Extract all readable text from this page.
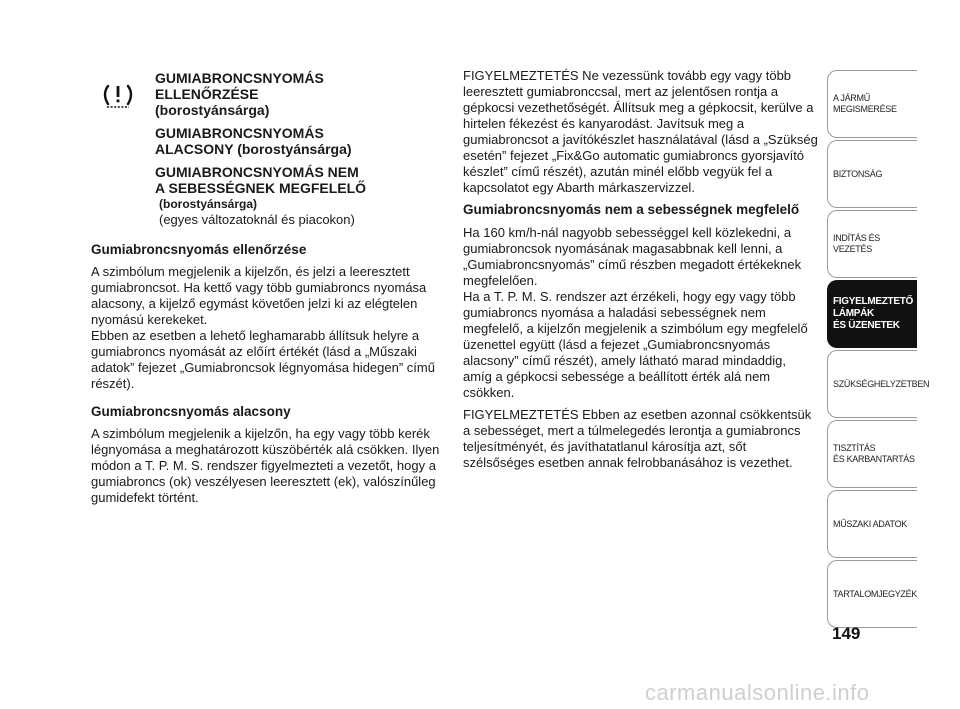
GUMIABRONCSNYOMÁS

ELLENŐRZÉSE

(borostyánsárga)

GUMIABRONCSNYOMÁS

ALACSONY (borostyánsárga)

GUMIABRONCSNYOMÁS NEM

A SEBESSÉGNEK MEGFELELŐ

(borostyánsárga)

(egyes változatoknál és piacokon)

Gumiabroncsnyomás ellenőrzése

A szimbólum megjelenik a kijelzőn, és jelzi a leeresztett gumiabroncsot. Ha kettő vagy több gumiabroncs nyomása alacsony, a kijelző egymást követően jelzi ki az elégtelen nyomású kerekeket.

Ebben az esetben a lehető leghamarabb állítsuk helyre a gumiabroncs nyomását az előírt értékét (lásd a „Műszaki adatok” fejezet „Gumiabroncsok légnyomása hidegen” című részét).

Gumiabroncsnyomás alacsony

A szimbólum megjelenik a kijelzőn, ha egy vagy több kerék légnyomása a meghatározott küszöbérték alá csökken. Ilyen módon a T. P. M. S. rendszer figyelmezteti a vezetőt, hogy a gumiabroncs (ok) veszélyesen leeresztett (ek), valószínűleg gumidefekt történt.

FIGYELMEZTETÉS Ne vezessünk tovább egy vagy több leeresztett gumiabronccsal, mert az jelentősen rontja a gépkocsi vezethetőségét. Állítsuk meg a gépkocsit, kerülve a hirtelen fékezést és kanyarodást. Javítsuk meg a gumiabroncsot a javítókészlet használatával (lásd a „Szükség esetén” fejezet „Fix&Go automatic gumiabroncs gyorsjavító készlet” című részét), azután minél előbb vegyük fel a kapcsolatot egy Abarth márkaszervizzel.

Gumiabroncsnyomás nem a sebességnek megfelelő

Ha 160 km/h-nál nagyobb sebességgel kell közlekedni, a gumiabroncsok nyomásának magasabbnak kell lenni, a „Gumiabroncsnyomás” című részben megadott értékeknek megfelelően.

Ha a T. P. M. S. rendszer azt érzékeli, hogy egy vagy több gumiabroncs nyomása a haladási sebességnek nem megfelelő, a kijelzőn megjelenik a szimbólum egy megfelelő üzenettel együtt (lásd a fejezet „Gumiabroncsnyomás alacsony” című részét), amely látható marad mindaddig, amíg a gépkocsi sebessége a beállított érték alá nem csökken.

FIGYELMEZTETÉS Ebben az esetben azonnal csökkentsük a sebességet, mert a túlmelegedés lerontja a gumiabroncs teljesítményét, és javíthatatlanul károsítja azt, sőt szélsőséges esetben annak felrobbanásához is vezethet.

A JÁRMŰ
MEGISMERÉSE
BIZTONSÁG
INDÍTÁS ÉS VEZETÉS
FIGYELMEZTETŐ
LÁMPÁK
ÉS ÜZENETEK
SZÜKSÉGHELYZETBEN
TISZTÍTÁS
ÉS KARBANTARTÁS
MŰSZAKI ADATOK
TARTALOMJEGYZÉK
149
carmanualsonline.info
